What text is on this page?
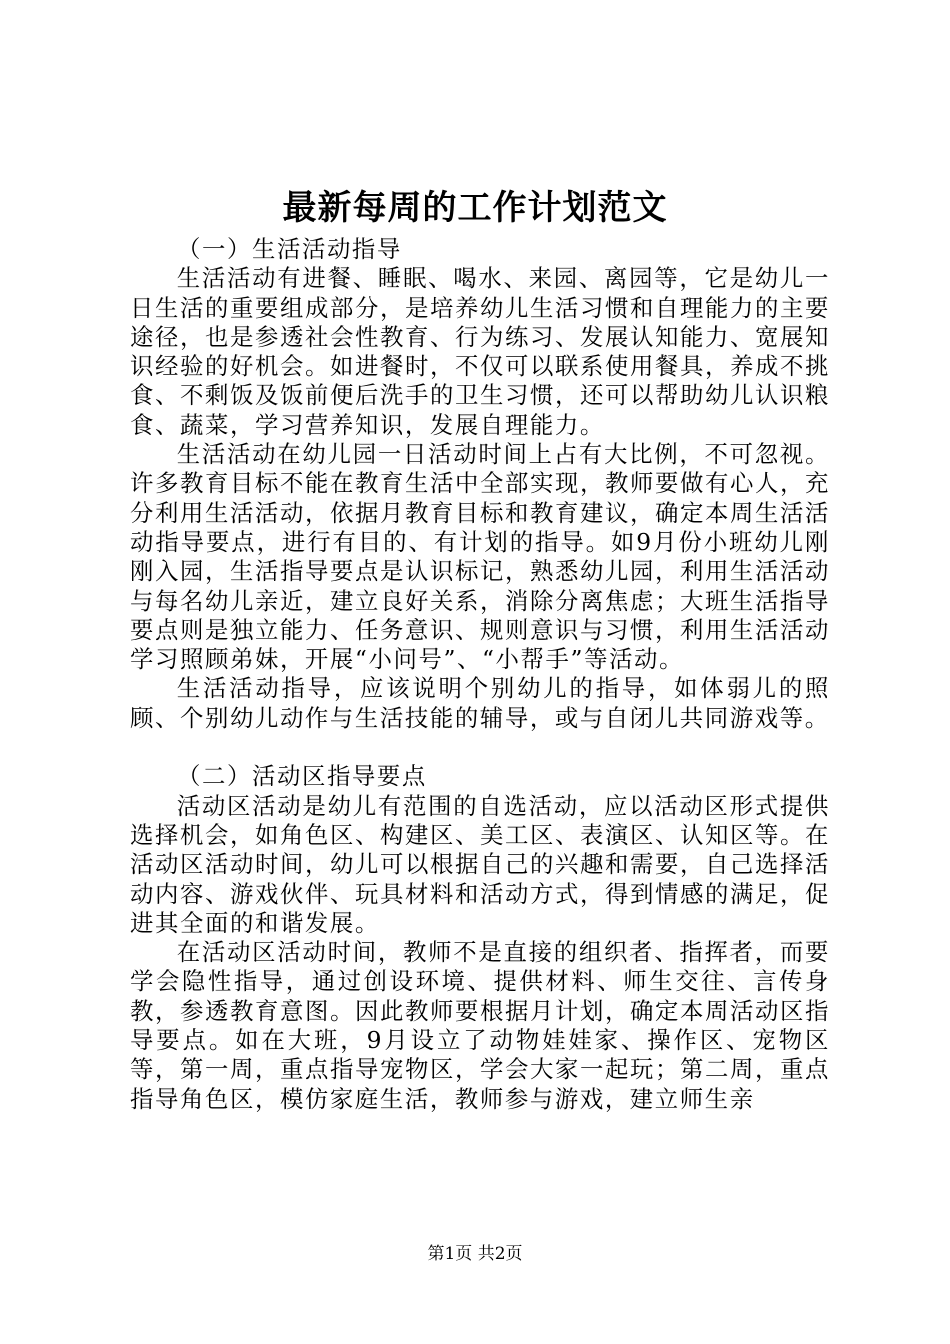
最新每周的工作计划范文
（一）生活活动指导

生活活动有进餐、睡眠、喝水、来园、离园等，它是幼儿一日生活的重要组成部分，是培养幼儿生活习惯和自理能力的主要途径，也是参透社会性教育、行为练习、发展认知能力、宽展知识经验的好机会。如进餐时，不仅可以联系使用餐具，养成不挑食、不剩饭及饭前便后洗手的卫生习惯，还可以帮助幼儿认识粮食、蔬菜，学习营养知识，发展自理能力。

生活活动在幼儿园一日活动时间上占有大比例，不可忽视。许多教育目标不能在教育生活中全部实现，教师要做有心人，充分利用生活活动，依据月教育目标和教育建议，确定本周生活活动指导要点，进行有目的、有计划的指导。如9月份小班幼儿刚刚入园，生活指导要点是认识标记，熟悉幼儿园，利用生活活动与每名幼儿亲近，建立良好关系，消除分离焦虑；大班生活指导要点则是独立能力、任务意识、规则意识与习惯，利用生活活动学习照顾弟妹，开展“小问号”、“小帮手”等活动。

生活活动指导，应该说明个别幼儿的指导，如体弱儿的照顾、个别幼儿动作与生活技能的辅导，或与自闭儿共同游戏等。

（二）活动区指导要点

活动区活动是幼儿有范围的自选活动，应以活动区形式提供选择机会，如角色区、构建区、美工区、表演区、认知区等。在活动区活动时间，幼儿可以根据自己的兴趣和需要，自己选择活动内容、游戏伙伴、玩具材料和活动方式，得到情感的满足，促进其全面的和谐发展。

在活动区活动时间，教师不是直接的组织者、指挥者，而要学会隐性指导，通过创设环境、提供材料、师生交往、言传身教，参透教育意图。因此教师要根据月计划，确定本周活动区指导要点。如在大班，9月设立了动物娃娃家、操作区、宠物区等，第一周，重点指导宠物区，学会大家一起玩；第二周，重点指导角色区，模仿家庭生活，教师参与游戏，建立师生亲

第1页 共2页
